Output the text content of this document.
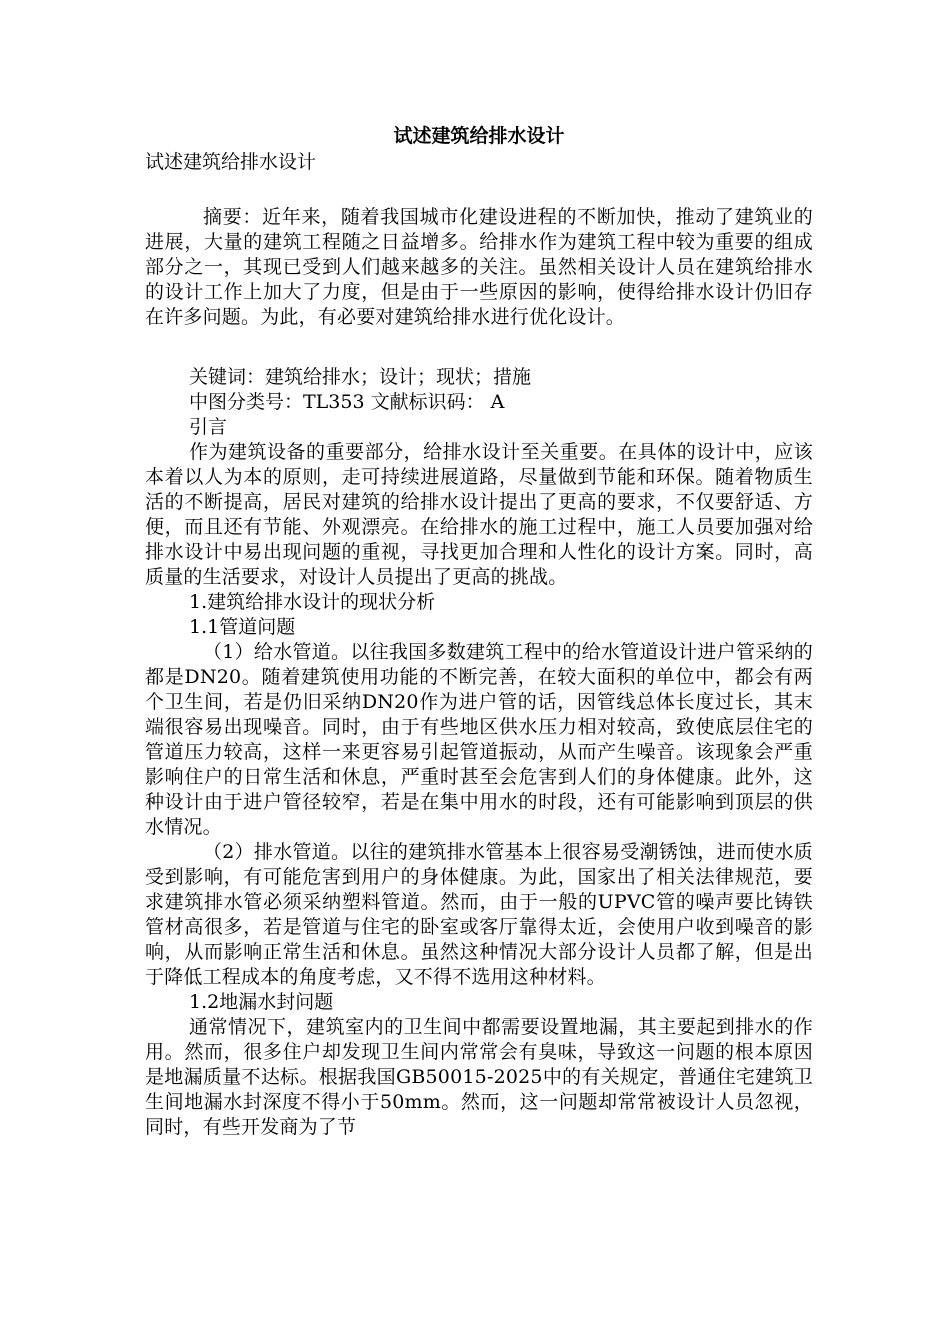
试述建筑给排水设计
试述建筑给排水设计

摘要：近年来，随着我国城市化建设进程的不断加快，推动了建筑业的进展，大量的建筑工程随之日益增多。给排水作为建筑工程中较为重要的组成部分之一，其现已受到人们越来越多的关注。虽然相关设计人员在建筑给排水的设计工作上加大了力度，但是由于一些原因的影响，使得给排水设计仍旧存在许多问题。为此，有必要对建筑给排水进行优化设计。

关键词：建筑给排水；设计；现状；措施
中图分类号：TL353 文献标识码： A
引言

作为建筑设备的重要部分，给排水设计至关重要。在具体的设计中，应该本着以人为本的原则，走可持续进展道路，尽量做到节能和环保。随着物质生活的不断提高，居民对建筑的给排水设计提出了更高的要求，不仅要舒适、方便，而且还有节能、外观漂亮。在给排水的施工过程中，施工人员要加强对给排水设计中易出现问题的重视，寻找更加合理和人性化的设计方案。同时，高质量的生活要求，对设计人员提出了更高的挑战。

1.建筑给排水设计的现状分析
1.1管道问题

（1）给水管道。以往我国多数建筑工程中的给水管道设计进户管采纳的都是DN20。随着建筑使用功能的不断完善，在较大面积的单位中，都会有两个卫生间，若是仍旧采纳DN20作为进户管的话，因管线总体长度过长，其末端很容易出现噪音。同时，由于有些地区供水压力相对较高，致使底层住宅的管道压力较高，这样一来更容易引起管道振动，从而产生噪音。该现象会严重影响住户的日常生活和休息，严重时甚至会危害到人们的身体健康。此外，这种设计由于进户管径较窄，若是在集中用水的时段，还有可能影响到顶层的供水情况。

（2）排水管道。以往的建筑排水管基本上很容易受潮锈蚀，进而使水质受到影响，有可能危害到用户的身体健康。为此，国家出了相关法律规范，要求建筑排水管必须采纳塑料管道。然而，由于一般的UPVC管的噪声要比铸铁管材高很多，若是管道与住宅的卧室或客厅靠得太近，会使用户收到噪音的影响，从而影响正常生活和休息。虽然这种情况大部分设计人员都了解，但是出于降低工程成本的角度考虑，又不得不选用这种材料。

1.2地漏水封问题

通常情况下，建筑室内的卫生间中都需要设置地漏，其主要起到排水的作用。然而，很多住户却发现卫生间内常常会有臭味，导致这一问题的根本原因是地漏质量不达标。根据我国GB50015-2025中的有关规定，普通住宅建筑卫生间地漏水封深度不得小于50mm。然而，这一问题却常常被设计人员忽视，同时，有些开发商为了节
